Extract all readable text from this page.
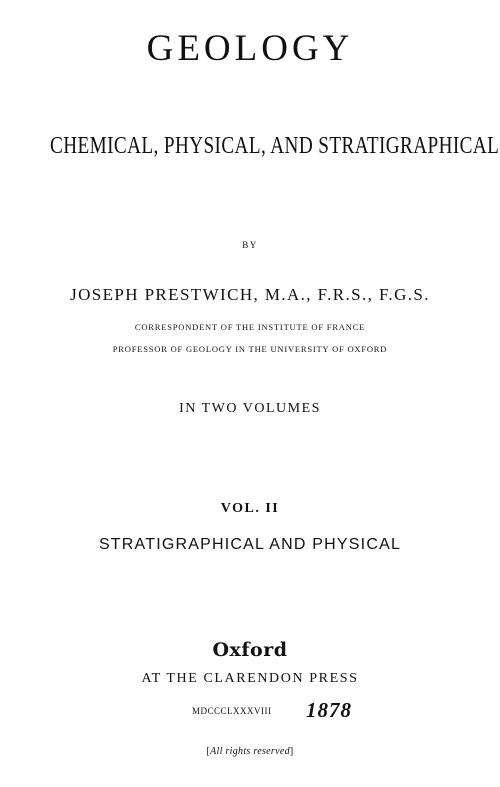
GEOLOGY
CHEMICAL, PHYSICAL, AND STRATIGRAPHICAL
BY
JOSEPH PRESTWICH, M.A., F.R.S., F.G.S.
CORRESPONDENT OF THE INSTITUTE OF FRANCE
PROFESSOR OF GEOLOGY IN THE UNIVERSITY OF OXFORD
IN TWO VOLUMES
VOL. II
STRATIGRAPHICAL AND PHYSICAL
Oxford
AT THE CLARENDON PRESS
MDCCCLXXXVIII 1878
[All rights reserved]
